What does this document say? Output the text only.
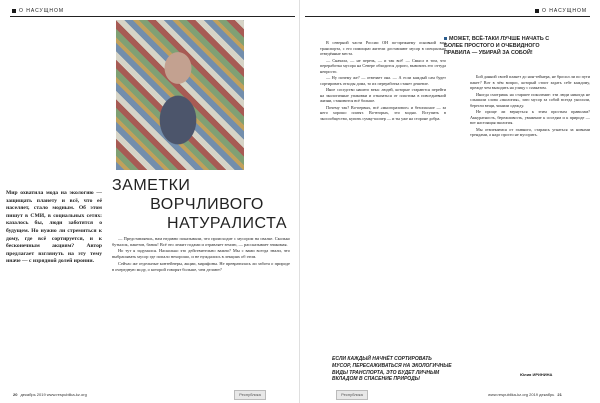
О НАСУЩНОМ
Мир охватила мода на экологию — защищать планету и всё, что её населяет, стало модным. Об этом пишут в СМИ, в социальных сетях: казалось бы, люди заботятся о будущем. Но нужно ли стремиться к дому, где всё сортируется, и к бесконечным акциям? Автор предлагает взглянуть на эту тему иначе — с изрядной долей иронии.
ЗАМЕТКИ
ВОРЧЛИВОГО
НАТУРАЛИСТА

— Представляешь, нам недавно показывали, что происходит с мусором на свалке. Сколько бутылок, пакетов, банок! Всё это лежит годами и отравляет землю, — рассказывает знакомая.

Но тут я задумался. Насколько это действительно важно? Мы с вами всегда знали, что выбрасывать мусор где попало нехорошо, и не нуждались в лекциях об этом.

Сейчас же отдельные контейнеры, акции, марафоны. Не превратилась ли забота о природе в очередную моду, о которой говорят больше, чем делают?

20 декабрь 2019 www.respublika-kz.org	Республика
О НАСУЩНОМ

В северной части России ОН по-прежнему основной вид транспорта, с его помощью жители доставляют мусор в специально отведённые места.

— Сначала, — не перечь, — и так всё! — Смысл в том, что переработка мусора на Севере обходится дорого, вывозить его оттуда непросто.

— Ну почему же? — отвечает она. — А если каждый сам будет сортировать отходы дома, то их переработка станет дешевле.

Иное соседство нашего века: людей, которые стараются перейти на экологичные упаковки и отказаться от пластика в повседневной жизни, становится всё больше.

Почему так? Во-первых, всё «многоразовое» и безопасное — за него хорошо платят. Во-вторых, это модно. Вступить в экосообщество, купить сумку-шопер — и ты уже на стороне добра.

МОЖЕТ, ВСЁ-ТАКИ ЛУЧШЕ НАЧАТЬ С БОЛЕЕ ПРОСТОГО И ОЧЕВИДНОГО ПРАВИЛА — УБИРАЙ ЗА СОБОЙ!

Бой данной своей планет до нон-тейнера, не бросил ли по пути пакет? Вот в чём вопрос, который стоит задать себе каждому, прежде чем выходить на улицу с плакатом.

Иногда смотришь на старшее поколение: эти люди никогда не слышали слова «экология», зато мусор за собой всегда уносили, берегли вещи, чинили одежду.

Не проще ли вернуться к этим простым правилам? Аккуратность, бережливость, уважение к соседям и к природе — вот настоящая экология.

Мы отвлекаемся от главного, стараясь угнаться за новыми трендами, а надо просто не мусорить.

ЕСЛИ КАЖДЫЙ НАЧНЁТ СОРТИРОВАТЬ МУСОР, ПЕРЕСАЖИВАТЬСЯ НА ЭКОЛОГИЧНЫЕ ВИДЫ ТРАНСПОРТА, ЭТО БУДЕТ ЛИЧНЫМ ВКЛАДОМ В СПАСЕНИЕ ПРИРОДЫ
Юлия ИРИНИНА
Республика	www.respublika-kz.org 2019 декабрь 21
